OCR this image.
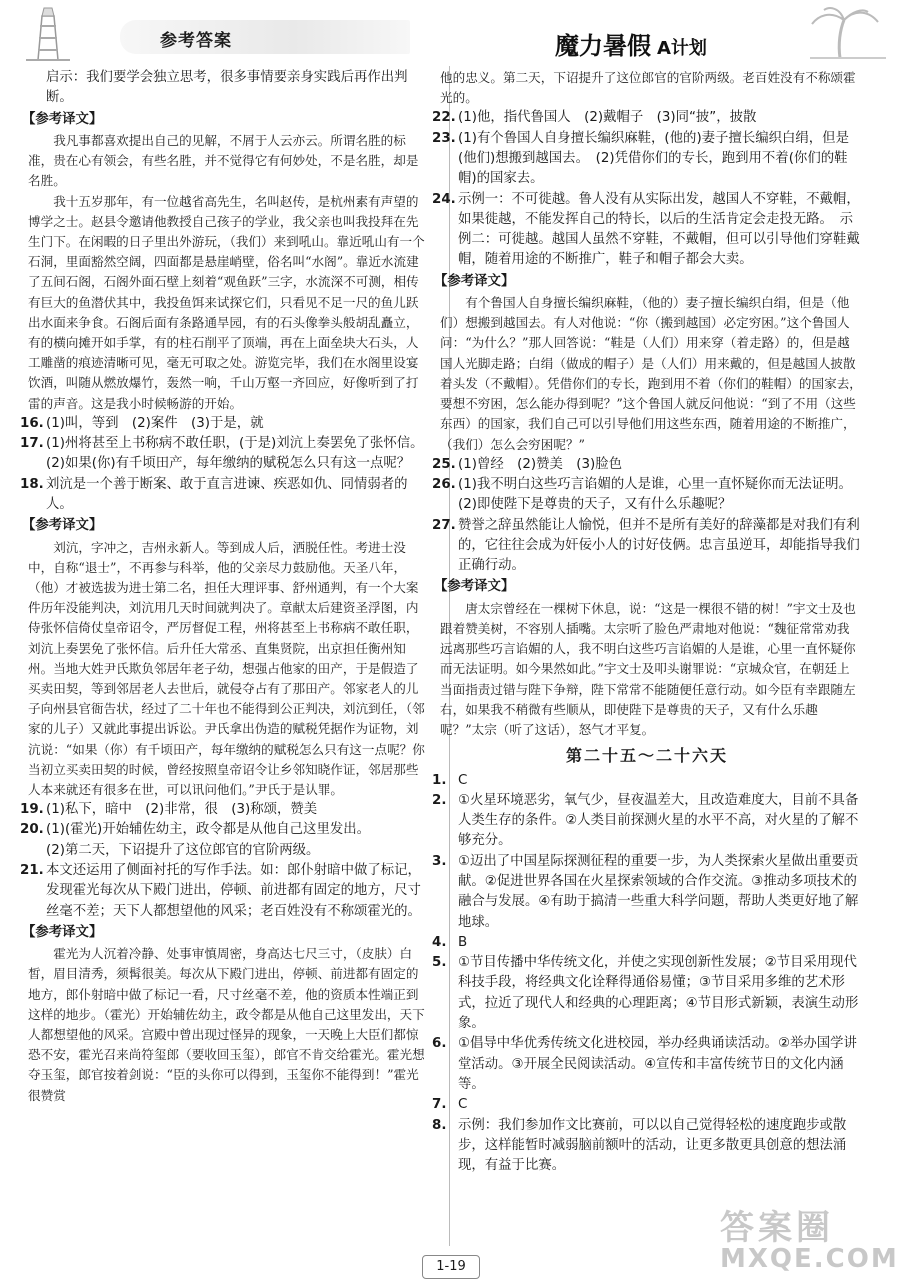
参考答案	魔力暑假 A计划

启示：我们要学会独立思考，很多事情要亲身实践后再作出判断。

【 参考译文 】

我凡事都喜欢提出自己的见解，不屑于人云亦云。所谓名胜的标准，贵在心有领会，有些名胜，并不觉得它有何妙处，不是名胜，却是名胜。

我十五岁那年，有一位越省高先生，名叫赵传，是杭州素有声望的博学之士。赵县令邀请他教授自己孩子的学业，我父亲也叫我投拜在先生门下。在闲暇的日子里出外游玩，（我们）来到吼山。靠近吼山有一个石洞，里面豁然空阔，四面都是悬崖峭壁，俗名叫“水阁”。靠近水流建了五间石阁，石阁外面石壁上刻着“观鱼跃”三字，水流深不可测，相传有巨大的鱼潜伏其中，我投鱼饵来试探它们，只看见不足一尺的鱼儿跃出水面来争食。石阁后面有条路通旱园，有的石头像拳头般胡乱矗立，有的横向摊开如手掌，有的柱石削平了顶端，再在上面垒块大石头，人工雕凿的痕迹清晰可见，毫无可取之处。游览完毕，我们在水阁里设宴饮酒，叫随从燃放爆竹，轰然一响，千山万壑一齐回应，好像听到了打雷的声音。这是我小时候畅游的开始。

16. (1)叫，等到　(2)案件　(3)于是，就

17. (1)州将甚至上书称病不敢任职，(于是)刘沆上奏罢免了张怀信。　(2)如果(你)有千顷田产，每年缴纳的赋税怎么只有这一点呢？

18. 刘沆是一个善于断案、敢于直言进谏、疾恶如仇、同情弱者的人。

【 参考译文 】

刘沆，字冲之，吉州永新人。等到成人后，洒脱任性。考进士没中，自称“退士”，不再参与科举，他的父亲尽力鼓励他。天圣八年，（他）才被选拔为进士第二名，担任大理评事、舒州通判，有一个大案件历年没能判决，刘沆用几天时间就判决了。章献太后建资圣浮图，内侍张怀信倚仗皇帝诏令，严厉督促工程，州将甚至上书称病不敢任职，刘沆上奏罢免了张怀信。后升任大常丞、直集贤院，出京担任衡州知州。当地大姓尹氏欺负邻居年老子幼，想强占他家的田产，于是假造了买卖田契，等到邻居老人去世后，就侵夺占有了那田产。邻家老人的儿子向州县官衙告状，经过了二十年也不能得到公正判决，刘沆到任，（邻家的儿子）又就此事提出诉讼。尹氏拿出伪造的赋税凭据作为证物，刘沆说：“如果（你）有千顷田产，每年缴纳的赋税怎么只有这一点呢？你当初立买卖田契的时候，曾经按照皇帝诏令让乡邻知晓作证，邻居那些人本来就还有很多在世，可以讯问他们。”尹氏于是认罪。

19. (1)私下，暗中　(2)非常，很　(3)称颂，赞美

20. (1)(霍光)开始辅佐幼主，政令都是从他自己这里发出。

(2)第二天，下诏提升了这位郎官的官阶两级。

21. 本文还运用了侧面衬托的写作手法。如：郎仆射暗中做了标记，发现霍光每次从下殿门进出，停顿、前进都有固定的地方，尺寸丝毫不差；天下人都想望他的风采；老百姓没有不称颂霍光的。

【 参考译文 】

霍光为人沉着冷静、处事审慎周密，身高达七尺三寸，（皮肤）白皙，眉目清秀，须髯很美。每次从下殿门进出，停顿、前进都有固定的地方，郎仆射暗中做了标记一看，尺寸丝毫不差，他的资质本性端正到这样的地步。（霍光）开始辅佐幼主，政令都是从他自己这里发出，天下人都想望他的风采。宫殿中曾出现过怪异的现象，一天晚上大臣们都惊恐不安，霍光召来尚符玺郎（要收回玉玺），郎官不肯交给霍光。霍光想夺玉玺，郎官按着剑说：“臣的头你可以得到，玉玺你不能得到！”霍光很赞赏

他的忠义。第二天，下诏提升了这位郎官的官阶两级。老百姓没有不称颂霍光的。

22. (1)他，指代鲁国人　(2)戴帽子　(3)同“披”，披散

23. (1)有个鲁国人自身擅长编织麻鞋，(他的)妻子擅长编织白绢，但是(他们)想搬到越国去。　(2)凭借你们的专长，跑到用不着(你们的鞋帽)的国家去。

24. 示例一：不可徙越。鲁人没有从实际出发，越国人不穿鞋，不戴帽，如果徙越，不能发挥自己的特长，以后的生活肯定会走投无路。　示例二：可徙越。越国人虽然不穿鞋，不戴帽，但可以引导他们穿鞋戴帽，随着用途的不断推广，鞋子和帽子都会大卖。

【 参考译文 】

有个鲁国人自身擅长编织麻鞋，（他的）妻子擅长编织白绢，但是（他们）想搬到越国去。有人对他说：“你（搬到越国）必定穷困。”这个鲁国人问：“为什么？”那人回答说：“鞋是（人们）用来穿（着走路）的，但是越国人光脚走路；白绢（做成的帽子）是（人们）用来戴的，但是越国人披散着头发（不戴帽）。凭借你们的专长，跑到用不着（你们的鞋帽）的国家去，要想不穷困，怎么能办得到呢？”这个鲁国人就反问他说：“到了不用（这些东西）的国家，我们自己可以引导他们用这些东西，随着用途的不断推广，（我们）怎么会穷困呢？”

25. (1)曾经　(2)赞美　(3)脸色

26. (1)我不明白这些巧言谄媚的人是谁，心里一直怀疑你而无法证明。　(2)即使陛下是尊贵的天子，又有什么乐趣呢？

27. 赞誉之辞虽然能让人愉悦，但并不是所有美好的辞藻都是对我们有利的，它往往会成为奸佞小人的讨好伎俩。忠言虽逆耳，却能指导我们正确行动。

【 参考译文 】

唐太宗曾经在一棵树下休息，说：“这是一棵很不错的树！”宇文士及也跟着赞美树，不容别人插嘴。太宗听了脸色严肃地对他说：“魏征常常劝我远离那些巧言谄媚的人，我不明白这些巧言谄媚的人是谁，心里一直怀疑你而无法证明。如今果然如此。”宇文士及叩头谢罪说：“京城众官，在朝廷上当面指责过错与陛下争辩，陛下常常不能随便任意行动。如今臣有幸跟随左右，如果我不稍微有些顺从，即使陛下是尊贵的天子，又有什么乐趣呢？”太宗（听了这话），怒气才平复。

第二十五～二十六天

1. C

2. ①火星环境恶劣，氧气少，昼夜温差大，且改造难度大，目前不具备人类生存的条件。②人类目前探测火星的水平不高，对火星的了解不够充分。

3. ①迈出了中国星际探测征程的重要一步，为人类探索火星做出重要贡献。②促进世界各国在火星探索领域的合作交流。③推动多项技术的融合与发展。④有助于搞清一些重大科学问题，帮助人类更好地了解地球。

4. B

5. ①节目传播中华传统文化，并使之实现创新性发展；②节目采用现代科技手段，将经典文化诠释得通俗易懂；③节目采用多维的艺术形式，拉近了现代人和经典的心理距离；④节目形式新颖，表演生动形象。

6. ①倡导中华优秀传统文化进校园，举办经典诵读活动。②举办国学讲堂活动。③开展全民阅读活动。④宣传和丰富传统节日的文化内涵等。

7. C

8. 示例：我们参加作文比赛前，可以以自己觉得轻松的速度跑步或散步，这样能暂时减弱脑前额叶的活动，让更多散更具创意的想法涌现，有益于比赛。

1-19
答案圈
MXQE.COM
